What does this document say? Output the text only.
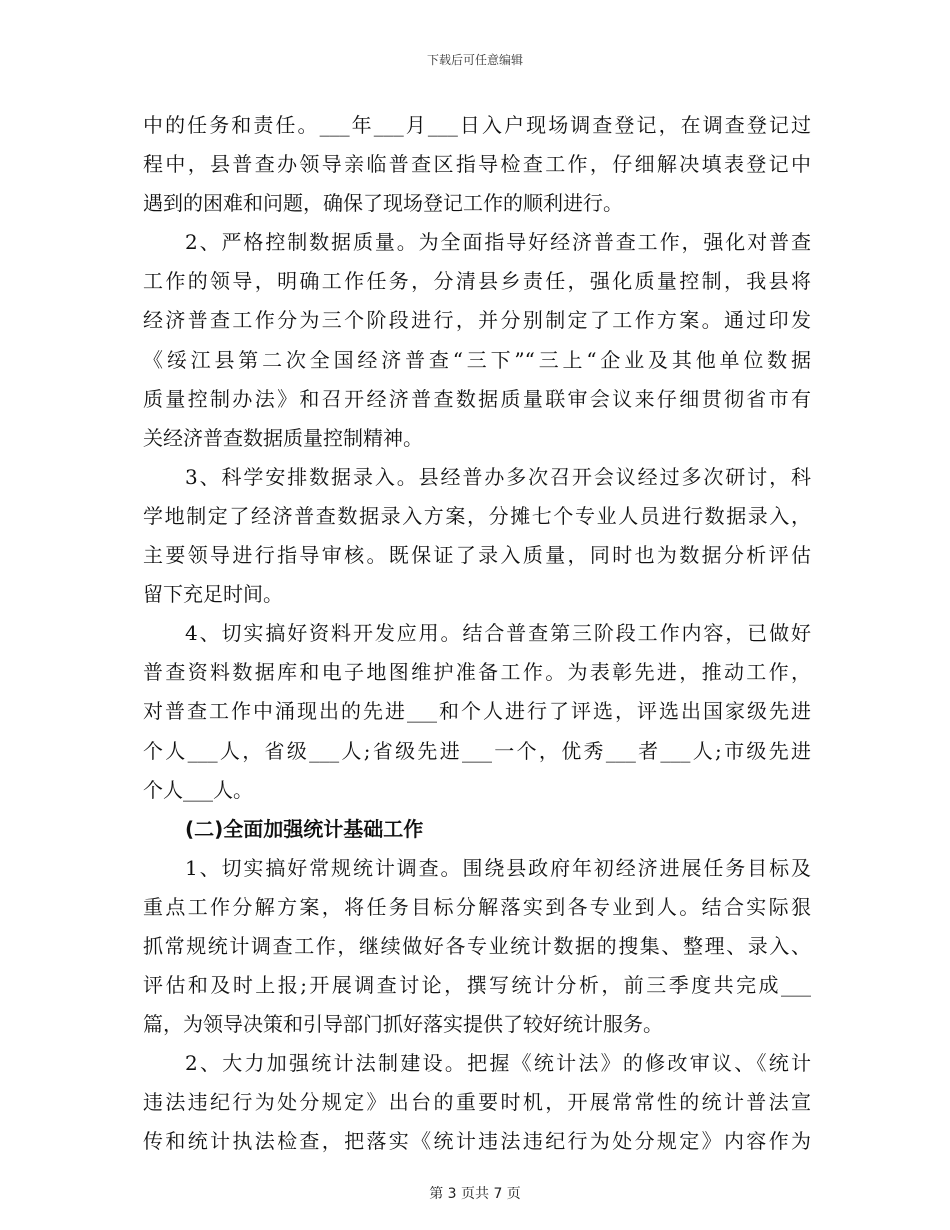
下载后可任意编辑
中的任务和责任。___年___月___日入户现场调查登记，在调查登记过
程中，县普查办领导亲临普查区指导检查工作，仔细解决填表登记中
遇到的困难和问题，确保了现场登记工作的顺利进行。
2、严格控制数据质量。为全面指导好经济普查工作，强化对普查
工作的领导，明确工作任务，分清县乡责任，强化质量控制，我县将
经济普查工作分为三个阶段进行，并分别制定了工作方案。通过印发
《绥江县第二次全国经济普查“三下”“三上“企业及其他单位数据
质量控制办法》和召开经济普查数据质量联审会议来仔细贯彻省市有
关经济普查数据质量控制精神。
3、科学安排数据录入。县经普办多次召开会议经过多次研讨，科
学地制定了经济普查数据录入方案，分摊七个专业人员进行数据录入，
主要领导进行指导审核。既保证了录入质量，同时也为数据分析评估
留下充足时间。
4、切实搞好资料开发应用。结合普查第三阶段工作内容，已做好
普查资料数据库和电子地图维护准备工作。为表彰先进，推动工作，
对普查工作中涌现出的先进___和个人进行了评选，评选出国家级先进
个人___人，省级___人;省级先进___一个，优秀___者___人;市级先进
个人___人。
(二)全面加强统计基础工作
1、切实搞好常规统计调查。围绕县政府年初经济进展任务目标及
重点工作分解方案，将任务目标分解落实到各专业到人。结合实际狠
抓常规统计调查工作，继续做好各专业统计数据的搜集、整理、录入、
评估和及时上报;开展调查讨论，撰写统计分析，前三季度共完成___
篇，为领导决策和引导部门抓好落实提供了较好统计服务。
2、大力加强统计法制建设。把握《统计法》的修改审议、《统计
违法违纪行为处分规定》出台的重要时机，开展常常性的统计普法宣
传和统计执法检查，把落实《统计违法违纪行为处分规定》内容作为
第 3 页共 7 页
